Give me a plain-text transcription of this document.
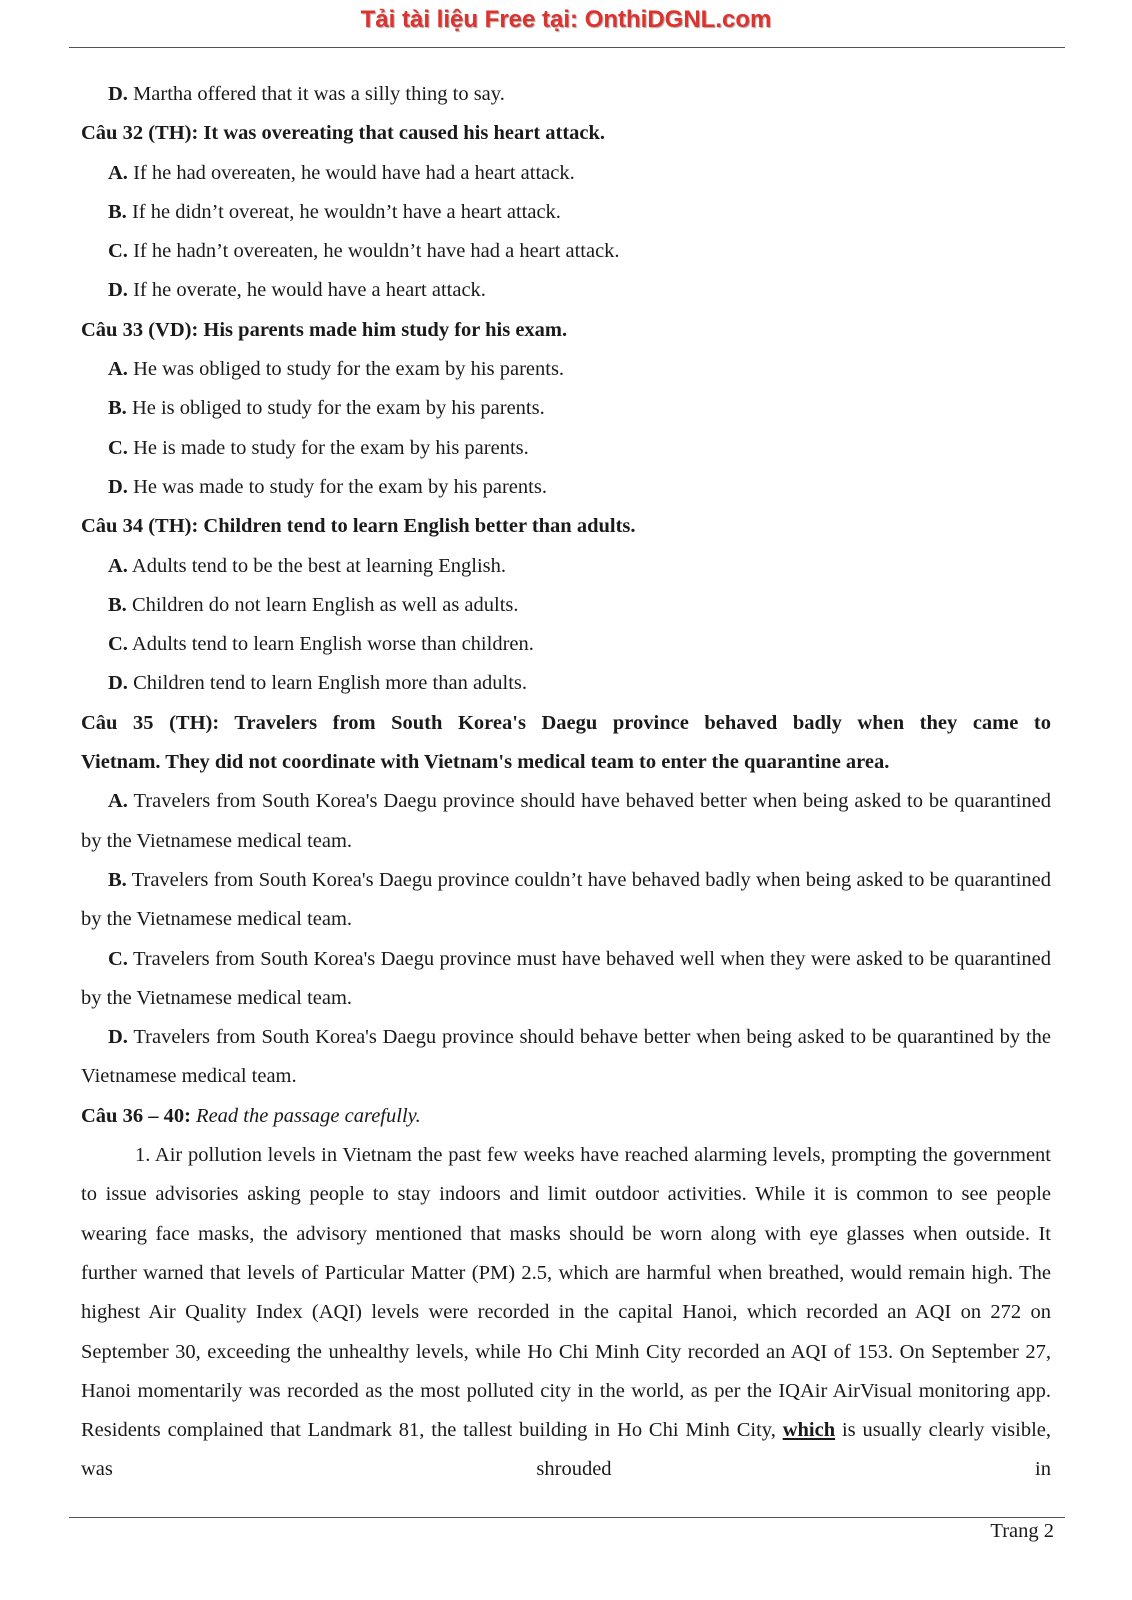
Tải tài liệu Free tại: OnthiDGNL.com
D. Martha offered that it was a silly thing to say.
Câu 32 (TH): It was overeating that caused his heart attack.
A. If he had overeaten, he would have had a heart attack.
B. If he didn’t overeat, he wouldn’t have a heart attack.
C. If he hadn’t overeaten, he wouldn’t have had a heart attack.
D. If he overate, he would have a heart attack.
Câu 33 (VD): His parents made him study for his exam.
A. He was obliged to study for the exam by his parents.
B. He is obliged to study for the exam by his parents.
C. He is made to study for the exam by his parents.
D. He was made to study for the exam by his parents.
Câu 34 (TH): Children tend to learn English better than adults.
A. Adults tend to be the best at learning English.
B. Children do not learn English as well as adults.
C. Adults tend to learn English worse than children.
D. Children tend to learn English more than adults.
Câu 35 (TH): Travelers from South Korea's Daegu province behaved badly when they came to
Vietnam. They did not coordinate with Vietnam's medical team to enter the quarantine area.
A. Travelers from South Korea's Daegu province should have behaved better when being asked to be quarantined by the Vietnamese medical team.
B. Travelers from South Korea's Daegu province couldn’t have behaved badly when being asked to be quarantined by the Vietnamese medical team.
C. Travelers from South Korea's Daegu province must have behaved well when they were asked to be quarantined by the Vietnamese medical team.
D. Travelers from South Korea's Daegu province should behave better when being asked to be quarantined by the Vietnamese medical team.
Câu 36 – 40: Read the passage carefully.
1. Air pollution levels in Vietnam the past few weeks have reached alarming levels, prompting the government to issue advisories asking people to stay indoors and limit outdoor activities. While it is common to see people wearing face masks, the advisory mentioned that masks should be worn along with eye glasses when outside. It further warned that levels of Particular Matter (PM) 2.5, which are harmful when breathed, would remain high. The highest Air Quality Index (AQI) levels were recorded in the capital Hanoi, which recorded an AQI on 272 on September 30, exceeding the unhealthy levels, while Ho Chi Minh City recorded an AQI of 153. On September 27, Hanoi momentarily was recorded as the most polluted city in the world, as per the IQAir AirVisual monitoring app. Residents complained that Landmark 81, the tallest building in Ho Chi Minh City, which is usually clearly visible, was shrouded in
Trang 2
